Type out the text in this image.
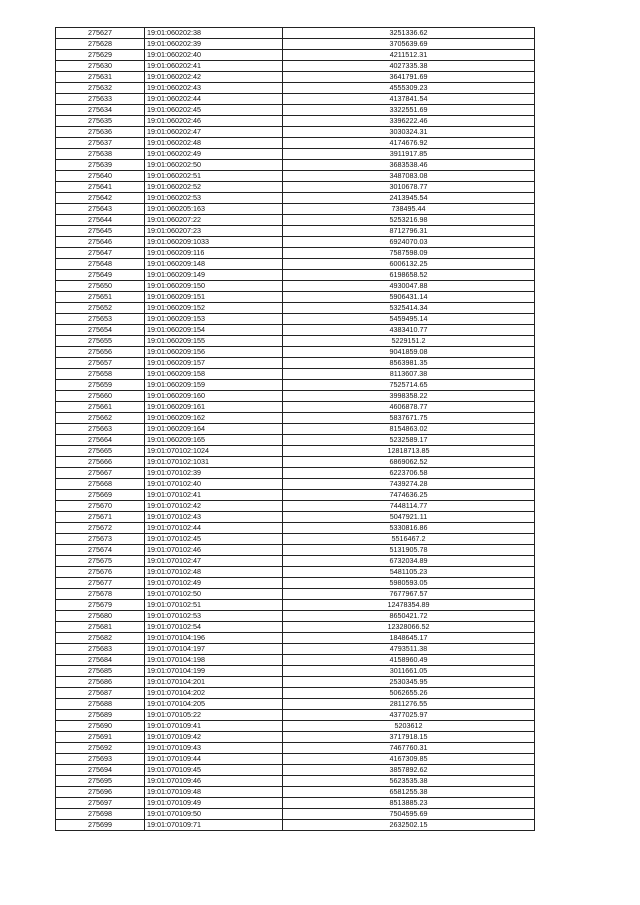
275627	19:01:060202:38	3251336.62
275628	19:01:060202:39	3705639.69
275629	19:01:060202:40	4211512.31
275630	19:01:060202:41	4027335.38
275631	19:01:060202:42	3641791.69
275632	19:01:060202:43	4555309.23
275633	19:01:060202:44	4137841.54
275634	19:01:060202:45	3322551.69
275635	19:01:060202:46	3396222.46
275636	19:01:060202:47	3030324.31
275637	19:01:060202:48	4174676.92
275638	19:01:060202:49	3911917.85
275639	19:01:060202:50	3683538.46
275640	19:01:060202:51	3487083.08
275641	19:01:060202:52	3010678.77
275642	19:01:060202:53	2413945.54
275643	19:01:060205:163	738495.44
275644	19:01:060207:22	5253216.98
275645	19:01:060207:23	8712796.31
275646	19:01:060209:1033	6924070.03
275647	19:01:060209:116	7587598.09
275648	19:01:060209:148	6006132.25
275649	19:01:060209:149	6198658.52
275650	19:01:060209:150	4930047.88
275651	19:01:060209:151	5906431.14
275652	19:01:060209:152	5325414.34
275653	19:01:060209:153	5459495.14
275654	19:01:060209:154	4383410.77
275655	19:01:060209:155	5229151.2
275656	19:01:060209:156	9041859.08
275657	19:01:060209:157	8563981.35
275658	19:01:060209:158	8113607.38
275659	19:01:060209:159	7525714.65
275660	19:01:060209:160	3998358.22
275661	19:01:060209:161	4606878.77
275662	19:01:060209:162	5837671.75
275663	19:01:060209:164	8154863.02
275664	19:01:060209:165	5232589.17
275665	19:01:070102:1024	12818713.85
275666	19:01:070102:1031	6869062.52
275667	19:01:070102:39	6223706.58
275668	19:01:070102:40	7439274.28
275669	19:01:070102:41	7474636.25
275670	19:01:070102:42	7448114.77
275671	19:01:070102:43	5047921.11
275672	19:01:070102:44	5330816.86
275673	19:01:070102:45	5516467.2
275674	19:01:070102:46	5131905.78
275675	19:01:070102:47	6732034.89
275676	19:01:070102:48	5481105.23
275677	19:01:070102:49	5980593.05
275678	19:01:070102:50	7677967.57
275679	19:01:070102:51	12478354.89
275680	19:01:070102:53	8650421.72
275681	19:01:070102:54	12328066.52
275682	19:01:070104:196	1848645.17
275683	19:01:070104:197	4793511.38
275684	19:01:070104:198	4158960.49
275685	19:01:070104:199	3011661.05
275686	19:01:070104:201	2530345.95
275687	19:01:070104:202	5062655.26
275688	19:01:070104:205	2811276.55
275689	19:01:070105:22	4377025.97
275690	19:01:070109:41	5203612
275691	19:01:070109:42	3717918.15
275692	19:01:070109:43	7467760.31
275693	19:01:070109:44	4167309.85
275694	19:01:070109:45	3857892.62
275695	19:01:070109:46	5623535.38
275696	19:01:070109:48	6581255.38
275697	19:01:070109:49	8513885.23
275698	19:01:070109:50	7504595.69
275699	19:01:070109:71	2632502.15
